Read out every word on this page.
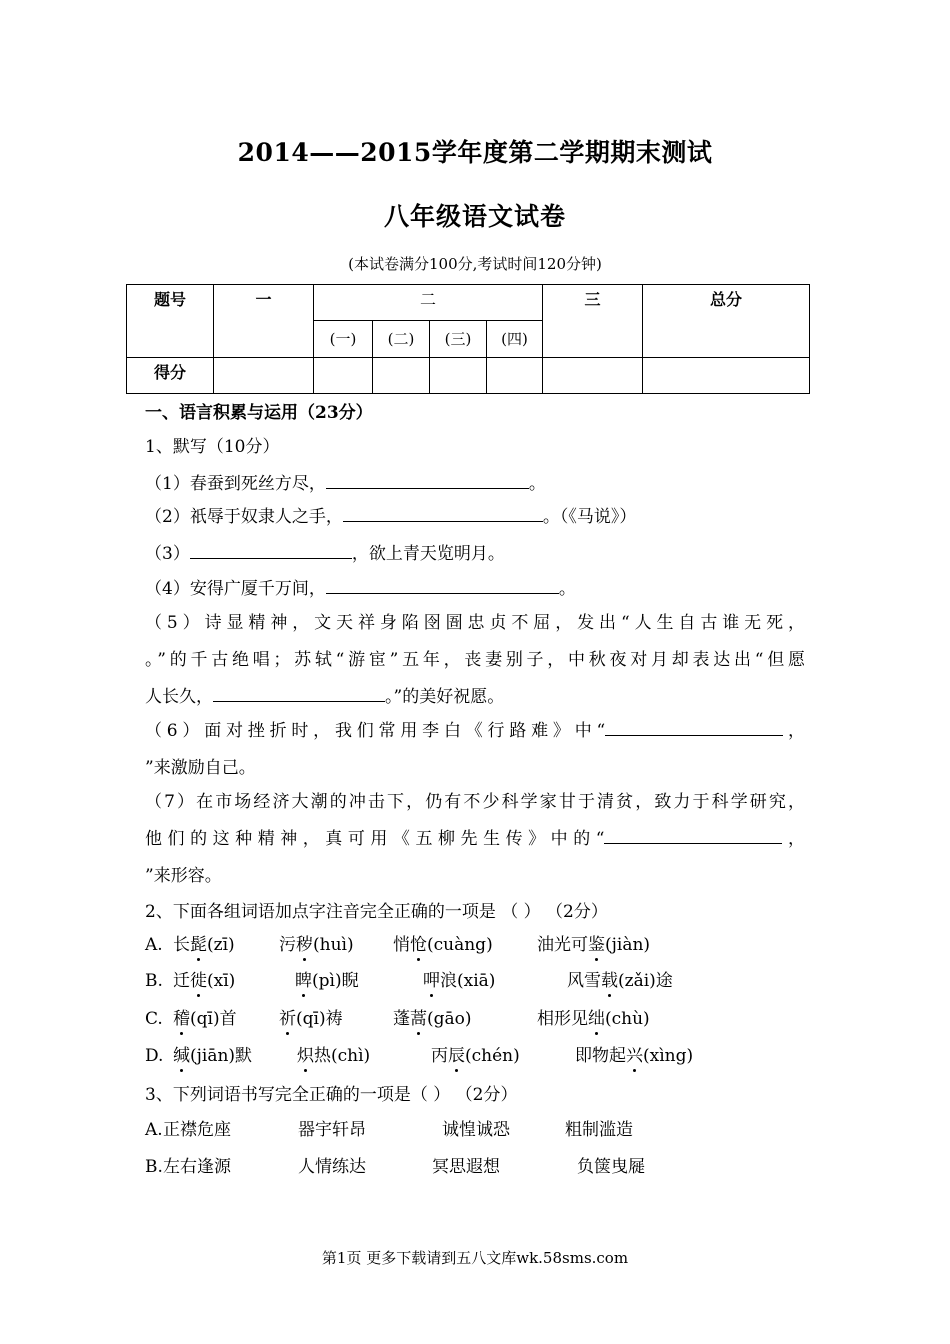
2014——2015学年度第二学期期末测试
八年级语文试卷
(本试卷满分100分,考试时间120分钟)
题号	一	二				三	总分

		(一)	(二)	(三)	(四)		

得分							

一、语言积累与运用（23分）
1、默写（10分）
（1）春蚕到死丝方尽，	。
（2）祇辱于奴隶人之手，	。（《马说》）
（3）	，欲上青天览明月。
（4）安得广厦千万间，	。
（5）诗显精神，文天祥身陷囹圄忠贞不屈，发出“人生自古谁无死，
。”的千古绝唱；苏轼“游宦”五年，丧妻别子，中秋夜对月却表达出“但愿
人长久，	。”的美好祝愿。
（6）面对挫折时，我们常用李白《行路难》中“	，
”来激励自己。
（7）在市场经济大潮的冲击下，仍有不少科学家甘于清贫，致力于科学研究，
他们的这种精神，真可用《五柳先生传》中的“	，
”来形容。
2、下面各组词语加点字注音完全正确的一项是 （ ） （2分）
A. 长髭(zī)	污秽(huì) 悄怆(cuàng)	油光可鉴(jiàn)
B. 迁徙(xī)	睥(pì)睨	呷浪(xiā)	风雪载(zǎi)途
C. 稽(qī)首 祈(qī)祷	蓬蒿(gāo)	相形见绌(chù)
D. 缄(jiān)默	炽热(chì)	丙辰(chén)	即物起兴(xìng)
3、下列词语书写完全正确的一项是（ ） （2分）
A.正襟危座	器宇轩昂	诚惶诚恐	粗制滥造
B.左右逢源	人情练达	冥思遐想	负箧曳屣
第1页 更多下载请到五八文库wk.58sms.com
